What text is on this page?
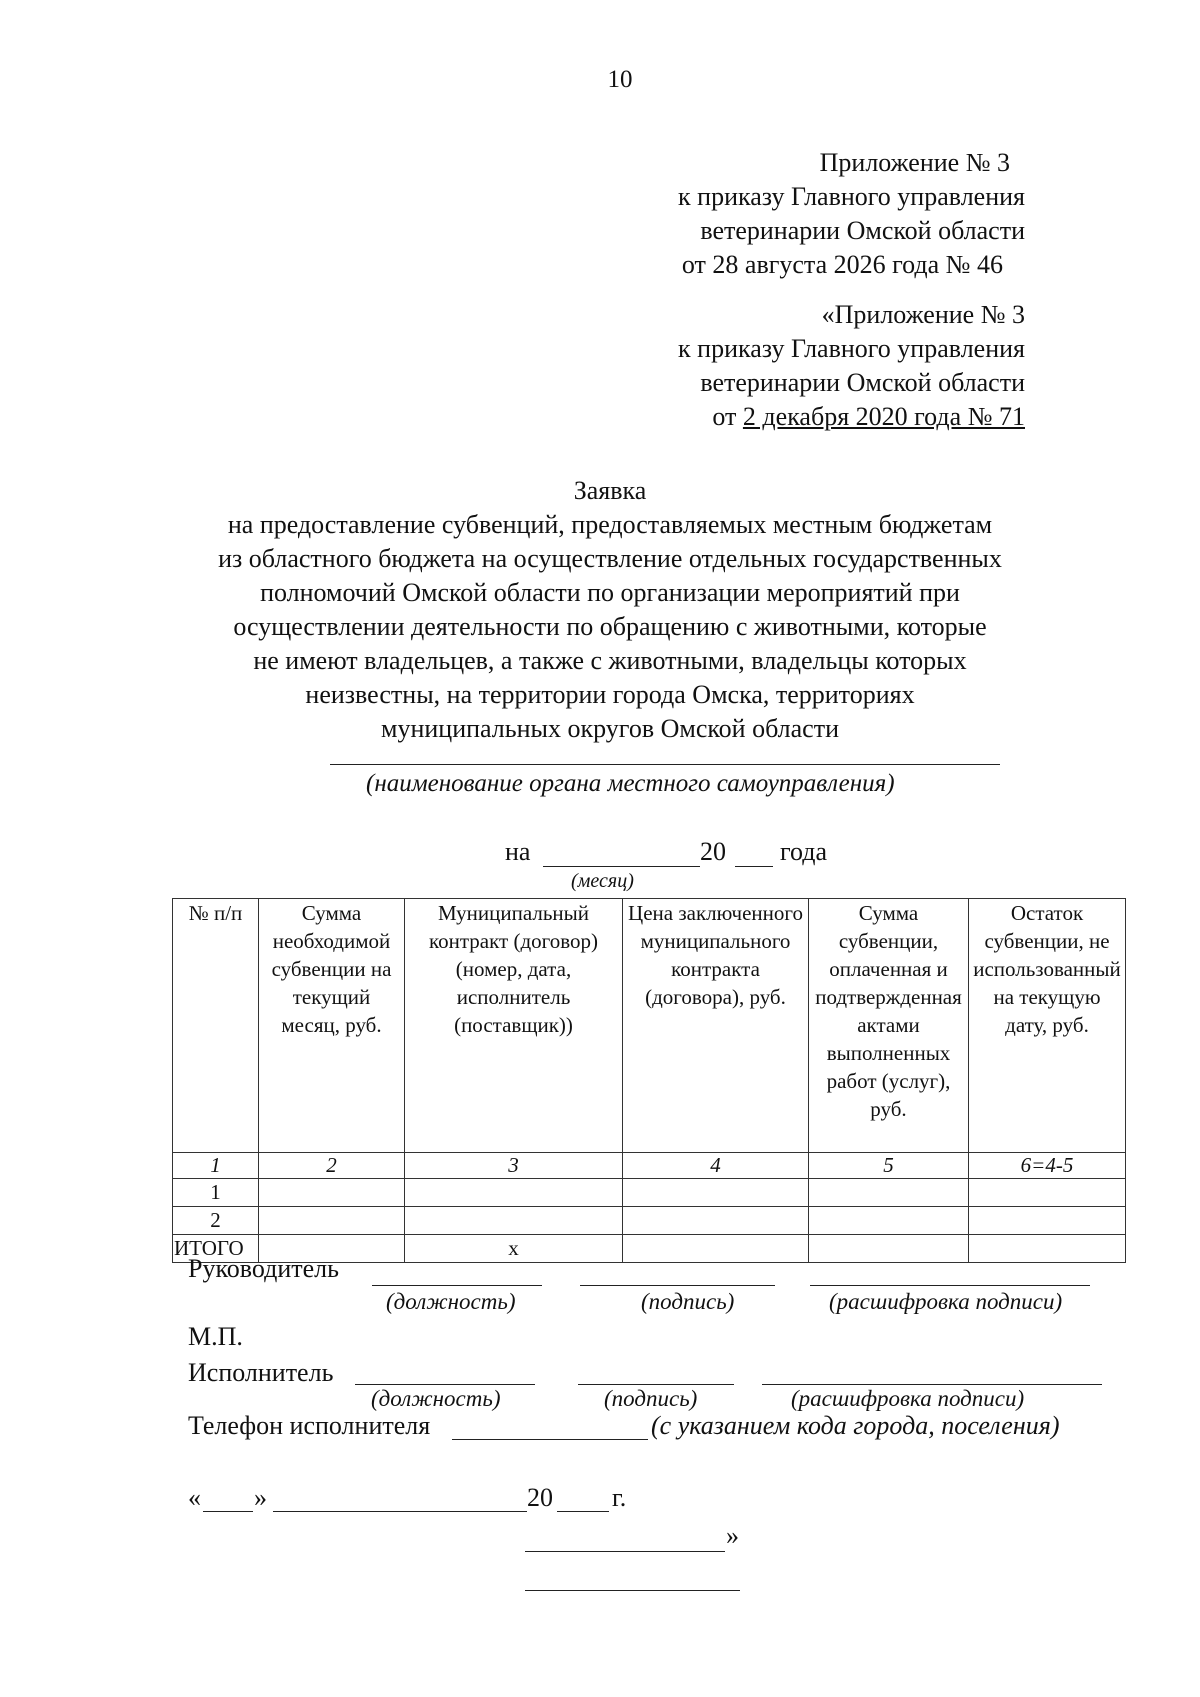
10
Приложение № 3
к приказу Главного управления
ветеринарии Омской области
от 28 августа 2026 года № 46
«Приложение № 3
к приказу Главного управления
ветеринарии Омской области
от 2 декабря 2020 года № 71
Заявка
на предоставление субвенций, предоставляемых местным бюджетам
из областного бюджета на осуществление отдельных государственных
полномочий Омской области по организации мероприятий при
осуществлении деятельности по обращению с животными, которые
не имеют владельцев, а также с животными, владельцы которых
неизвестны, на территории города Омска, территориях
муниципальных округов Омской области
(наименование органа местного самоуправления)
на	20 года
(месяц)
№ п/п	Сумма необходимой субвенции на текущий месяц, руб.	Муниципальный контракт (договор) (номер, дата, исполнитель (поставщик))	Цена заключенного муниципального контракта (договора), руб.	Сумма субвенции, оплаченная и подтвержденная актами выполненных работ (услуг), руб.	Остаток субвенции, не использованный на текущую дату, руб.
1	2	3	4	5	6=4-5
1					
2					
ИТОГО		x			
Руководитель
(должность)	(подпись)	(расшифровка подписи)
М.П.
Исполнитель
(должность)	(подпись)	(расшифровка подписи)
Телефон исполнителя	(с указанием кода города, поселения)
« »	20 г.
»
